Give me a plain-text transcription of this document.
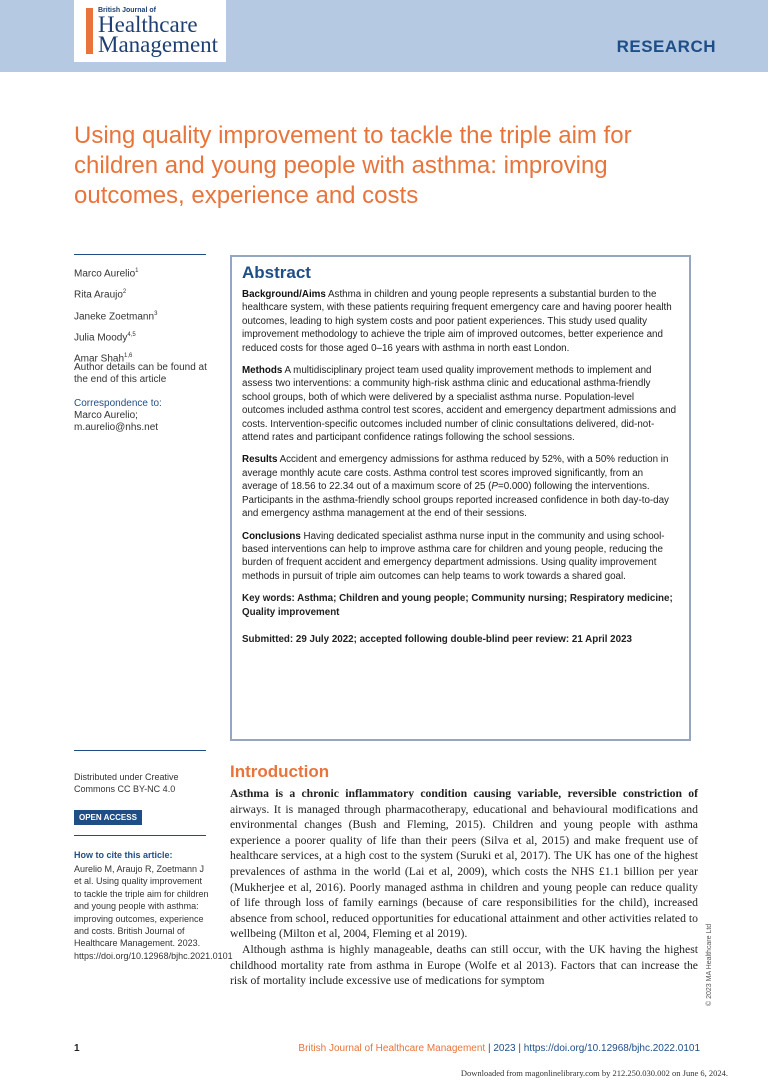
British Journal of
Healthcare
Management	RESEARCH
Using quality improvement to tackle the triple aim for children and young people with asthma: improving outcomes, experience and costs
Marco Aurelio$^1$
Rita Araujo$^2$
Janeke Zoetmann$^3$
Julia Moody$^{4,5}$
Amar Shah$^{1,6}$
Author details can be found at the end of this article
Correspondence to:
Marco Aurelio;
m.aurelio@nhs.net
Abstract

Background/Aims Asthma in children and young people represents a substantial burden to the healthcare system, with these patients requiring frequent emergency care and having poorer health outcomes, leading to high system costs and poor patient experiences. This study used quality improvement methodology to achieve the triple aim of improved outcomes, better experience and reduced costs for those aged 0–16 years with asthma in north east London.

Methods A multidisciplinary project team used quality improvement methods to implement and assess two interventions: a community high-risk asthma clinic and educational asthma-friendly school groups, both of which were delivered by a specialist asthma nurse. Population-level outcomes included asthma control test scores, accident and emergency department admissions and costs. Intervention-specific outcomes included number of clinic consultations delivered, did-not-attend rates and participant confidence ratings following the school sessions.

Results Accident and emergency admissions for asthma reduced by 52%, with a 50% reduction in average monthly acute care costs. Asthma control test scores improved significantly, from an average of 18.56 to 22.34 out of a maximum score of 25 (P=0.000) following the interventions. Participants in the asthma-friendly school groups reported increased confidence in both day-to-day and emergency asthma management at the end of their sessions.

Conclusions Having dedicated specialist asthma nurse input in the community and using school-based interventions can help to improve asthma care for children and young people, reducing the burden of frequent accident and emergency department admissions. Using quality improvement methods in pursuit of triple aim outcomes can help teams to work towards a shared goal.

Key words: Asthma; Children and young people; Community nursing; Respiratory medicine; Quality improvement

Submitted: 29 July 2022; accepted following double-blind peer review: 21 April 2023

Distributed under Creative Commons CC BY-NC 4.0
OPEN ACCESS
How to cite this article:
Aurelio M, Araujo R, Zoetmann J et al. Using quality improvement to tackle the triple aim for children and young people with asthma: improving outcomes, experience and costs. British Journal of Healthcare Management. 2023. https://doi.org/10.12968/bjhc.2021.0101
Introduction

Asthma is a chronic inflammatory condition causing variable, reversible constriction of airways. It is managed through pharmacotherapy, educational and behavioural modifications and environmental changes (Bush and Fleming, 2015). Children and young people with asthma experience a poorer quality of life than their peers (Silva et al, 2015) and make frequent use of healthcare services, at a high cost to the system (Suruki et al, 2017). The UK has one of the highest prevalences of asthma in the world (Lai et al, 2009), which costs the NHS £1.1 billion per year (Mukherjee et al, 2016). Poorly managed asthma in children and young people can reduce quality of life through loss of family earnings (because of care responsibilities for the child), increased absence from school, reduced opportunities for educational attainment and other activities related to wellbeing (Milton et al, 2004, Fleming et al 2019).

Although asthma is highly manageable, deaths can still occur, with the UK having the highest childhood mortality rate from asthma in Europe (Wolfe et al 2013). Factors that can increase the risk of mortality include excessive use of medications for symptom	© 2023 MA Healthcare Ltd
1	British Journal of Healthcare Management | 2023 | https://doi.org/10.12968/bjhc.2022.0101
Downloaded from magonlinelibrary.com by 212.250.030.002 on June 6, 2024.
